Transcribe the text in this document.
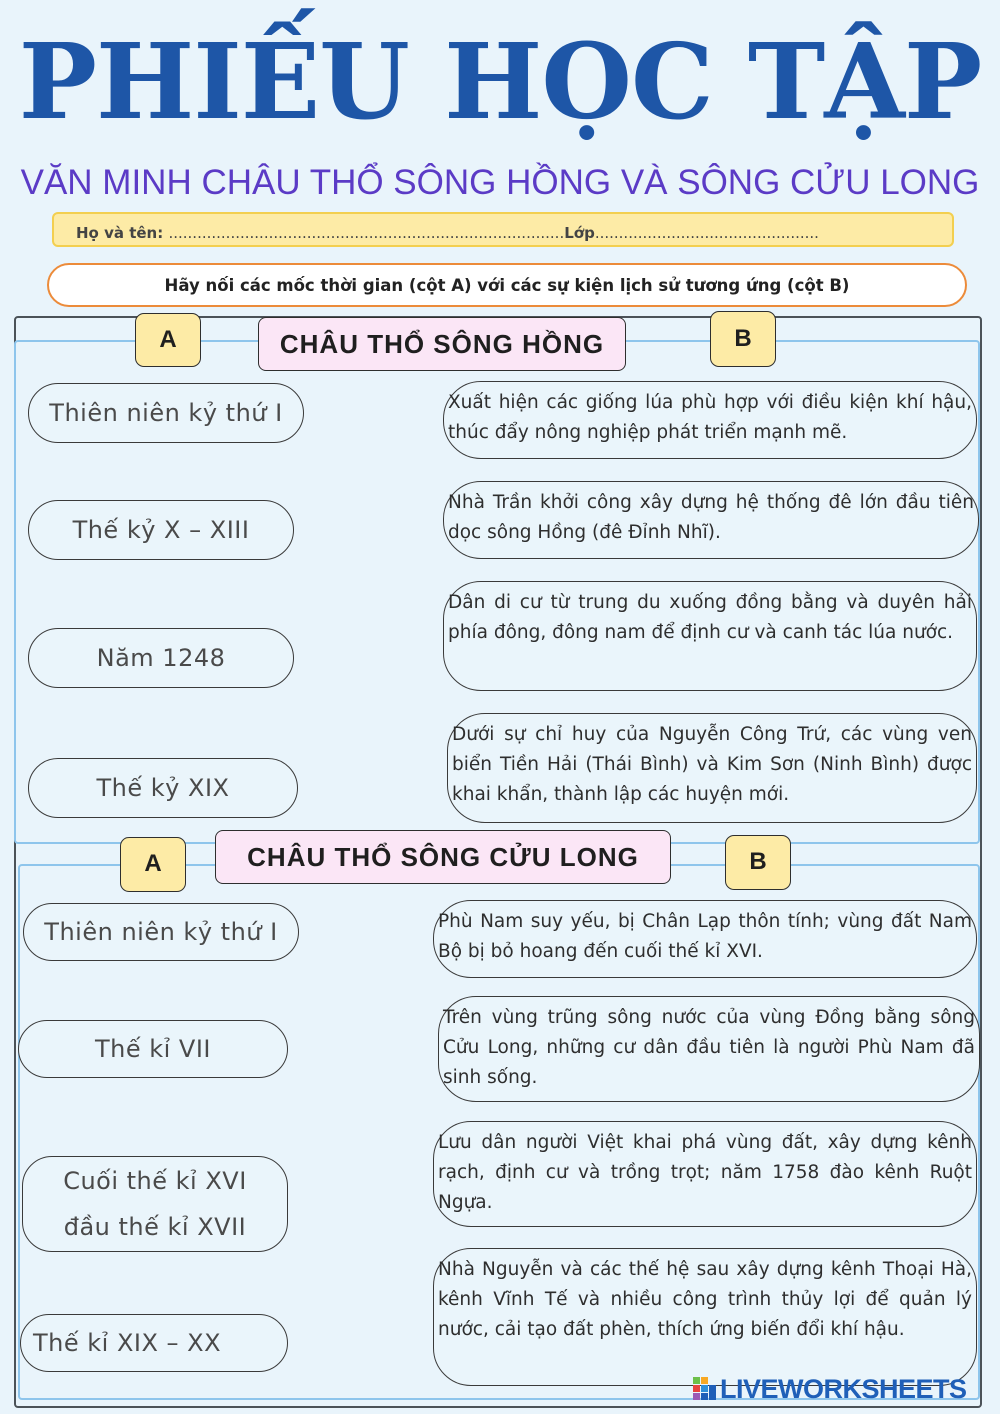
PHIẾU HỌC TẬP
VĂN MINH CHÂU THỔ SÔNG HỒNG VÀ SÔNG CỬU LONG
Họ và tên: ...................................................................................Lớp...............................................
Hãy nối các mốc thời gian (cột A) với các sự kiện lịch sử tương ứng (cột B)
A	CHÂU THỔ SÔNG HỒNG	B
Thiên niên kỷ thứ I
Thế kỷ X – XIII
Năm 1248
Thế kỷ XIX
Xuất hiện các giống lúa phù hợp với điều kiện khí hậu, thúc đẩy nông nghiệp phát triển mạnh mẽ.
Nhà Trần khởi công xây dựng hệ thống đê lớn đầu tiên dọc sông Hồng (đê Đỉnh Nhĩ).
Dân di cư từ trung du xuống đồng bằng và duyên hải phía đông, đông nam để định cư và canh tác lúa nước.
Dưới sự chỉ huy của Nguyễn Công Trứ, các vùng ven biển Tiền Hải (Thái Bình) và Kim Sơn (Ninh Bình) được khai khẩn, thành lập các huyện mới.
A	CHÂU THỔ SÔNG CỬU LONG	B
Thiên niên kỷ thứ I
Thế kỉ VII
Cuối thế kỉ XVI
đầu thế kỉ XVII
Thế kỉ XIX – XX
Phù Nam suy yếu, bị Chân Lạp thôn tính; vùng đất Nam Bộ bị bỏ hoang đến cuối thế kỉ XVI.
Trên vùng trũng sông nước của vùng Đồng bằng sông Cửu Long, những cư dân đầu tiên là người Phù Nam đã sinh sống.
Lưu dân người Việt khai phá vùng đất, xây dựng kênh rạch, định cư và trồng trọt; năm 1758 đào kênh Ruột Ngựa.
Nhà Nguyễn và các thế hệ sau xây dựng kênh Thoại Hà, kênh Vĩnh Tế và nhiều công trình thủy lợi để quản lý nước, cải tạo đất phèn, thích ứng biến đổi khí hậu.
LIVEWORKSHEETS
